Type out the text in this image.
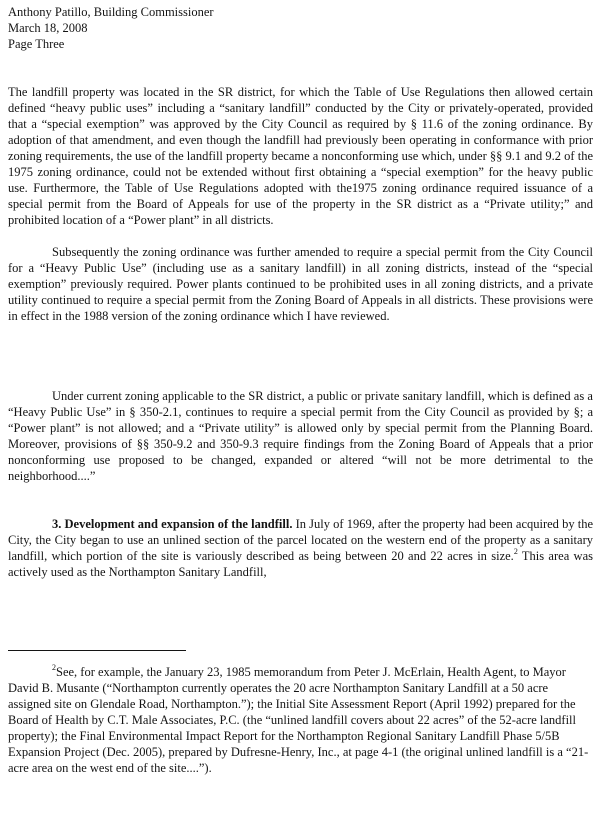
Anthony Patillo, Building Commissioner
March 18, 2008
Page Three

The landfill property was located in the SR district, for which the Table of Use Regulations then allowed certain defined “heavy public uses” including a “sanitary landfill” conducted by the City or privately-operated, provided that a “special exemption” was approved by the City Council as required by § 11.6 of the zoning ordinance. By adoption of that amendment, and even though the landfill had previously been operating in conformance with prior zoning requirements, the use of the landfill property became a nonconforming use which, under §§ 9.1 and 9.2 of the 1975 zoning ordinance, could not be extended without first obtaining a “special exemption” for the heavy public use. Furthermore, the Table of Use Regulations adopted with the1975 zoning ordinance required issuance of a special permit from the Board of Appeals for use of the property in the SR district as a “Private utility;” and prohibited location of a “Power plant” in all districts.

Subsequently the zoning ordinance was further amended to require a special permit from the City Council for a “Heavy Public Use” (including use as a sanitary landfill) in all zoning districts, instead of the “special exemption” previously required. Power plants continued to be prohibited uses in all zoning districts, and a private utility continued to require a special permit from the Zoning Board of Appeals in all districts. These provisions were in effect in the 1988 version of the zoning ordinance which I have reviewed.

Under current zoning applicable to the SR district, a public or private sanitary landfill, which is defined as a “Heavy Public Use” in § 350-2.1, continues to require a special permit from the City Council as provided by §; a “Power plant” is not allowed; and a “Private utility” is allowed only by special permit from the Planning Board. Moreover, provisions of §§ 350-9.2 and 350-9.3 require findings from the Zoning Board of Appeals that a prior nonconforming use proposed to be changed, expanded or altered “will not be more detrimental to the neighborhood....”

3. Development and expansion of the landfill. In July of 1969, after the property had been acquired by the City, the City began to use an unlined section of the parcel located on the western end of the property as a sanitary landfill, which portion of the site is variously described as being between 20 and 22 acres in size.$^2$ This area was actively used as the Northampton Sanitary Landfill,

$^2$See, for example, the January 23, 1985 memorandum from Peter J. McErlain, Health Agent, to Mayor David B. Musante (“Northampton currently operates the 20 acre Northampton Sanitary Landfill at a 50 acre assigned site on Glendale Road, Northampton.”); the Initial Site Assessment Report (April 1992) prepared for the Board of Health by C.T. Male Associates, P.C. (the “unlined landfill covers about 22 acres” of the 52-acre landfill property); the Final Environmental Impact Report for the Northampton Regional Sanitary Landfill Phase 5/5B Expansion Project (Dec. 2005), prepared by Dufresne-Henry, Inc., at page 4-1 (the original unlined landfill is a “21-acre area on the west end of the site....”).
